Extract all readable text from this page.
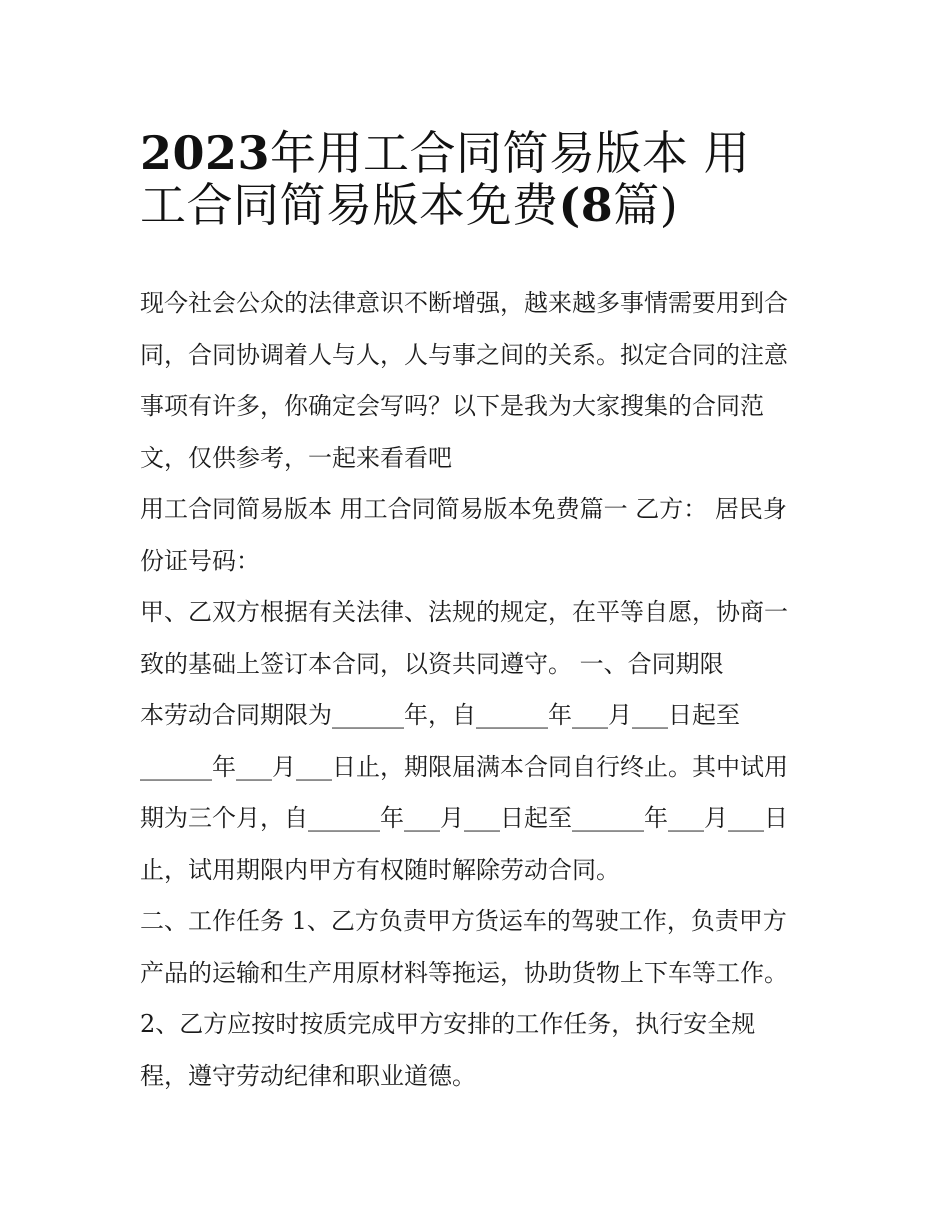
2023年用工合同简易版本 用
工合同简易版本免费(8篇)
现今社会公众的法律意识不断增强，越来越多事情需要用到合
同，合同协调着人与人，人与事之间的关系。拟定合同的注意
事项有许多，你确定会写吗？以下是我为大家搜集的合同范
文，仅供参考，一起来看看吧
用工合同简易版本 用工合同简易版本免费篇一 乙方： 居民身
份证号码：
甲、乙双方根据有关法律、法规的规定，在平等自愿，协商一
致的基础上签订本合同，以资共同遵守。 一、合同期限
本劳动合同期限为______年，自______年___月___日起至
______年___月___日止，期限届满本合同自行终止。其中试用
期为三个月，自______年___月___日起至______年___月___日
止，试用期限内甲方有权随时解除劳动合同。
二、工作任务 1、乙方负责甲方货运车的驾驶工作，负责甲方
产品的运输和生产用原材料等拖运，协助货物上下车等工作。
2、乙方应按时按质完成甲方安排的工作任务，执行安全规
程，遵守劳动纪律和职业道德。
